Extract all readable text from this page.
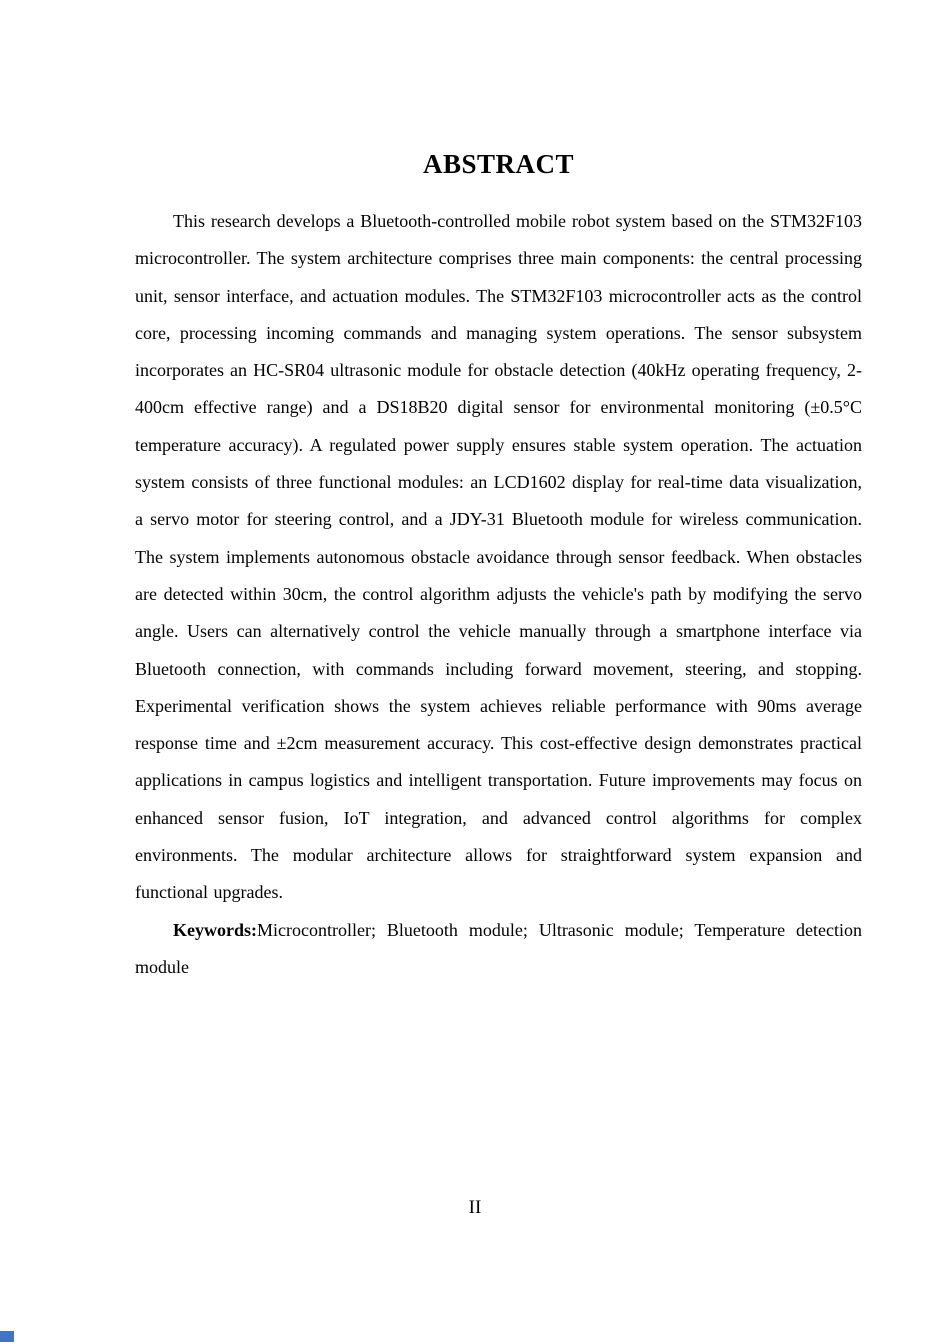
ABSTRACT

This research develops a Bluetooth-controlled mobile robot system based on the STM32F103 microcontroller. The system architecture comprises three main components: the central processing unit, sensor interface, and actuation modules. The STM32F103 microcontroller acts as the control core, processing incoming commands and managing system operations. The sensor subsystem incorporates an HC-SR04 ultrasonic module for obstacle detection (40kHz operating frequency, 2-400cm effective range) and a DS18B20 digital sensor for environmental monitoring (±0.5°C temperature accuracy). A regulated power supply ensures stable system operation. The actuation system consists of three functional modules: an LCD1602 display for real-time data visualization, a servo motor for steering control, and a JDY-31 Bluetooth module for wireless communication. The system implements autonomous obstacle avoidance through sensor feedback. When obstacles are detected within 30cm, the control algorithm adjusts the vehicle's path by modifying the servo angle. Users can alternatively control the vehicle manually through a smartphone interface via Bluetooth connection, with commands including forward movement, steering, and stopping. Experimental verification shows the system achieves reliable performance with 90ms average response time and ±2cm measurement accuracy. This cost-effective design demonstrates practical applications in campus logistics and intelligent transportation. Future improvements may focus on enhanced sensor fusion, IoT integration, and advanced control algorithms for complex environments. The modular architecture allows for straightforward system expansion and functional upgrades.

Keywords:Microcontroller; Bluetooth module; Ultrasonic module; Temperature detection module

II
